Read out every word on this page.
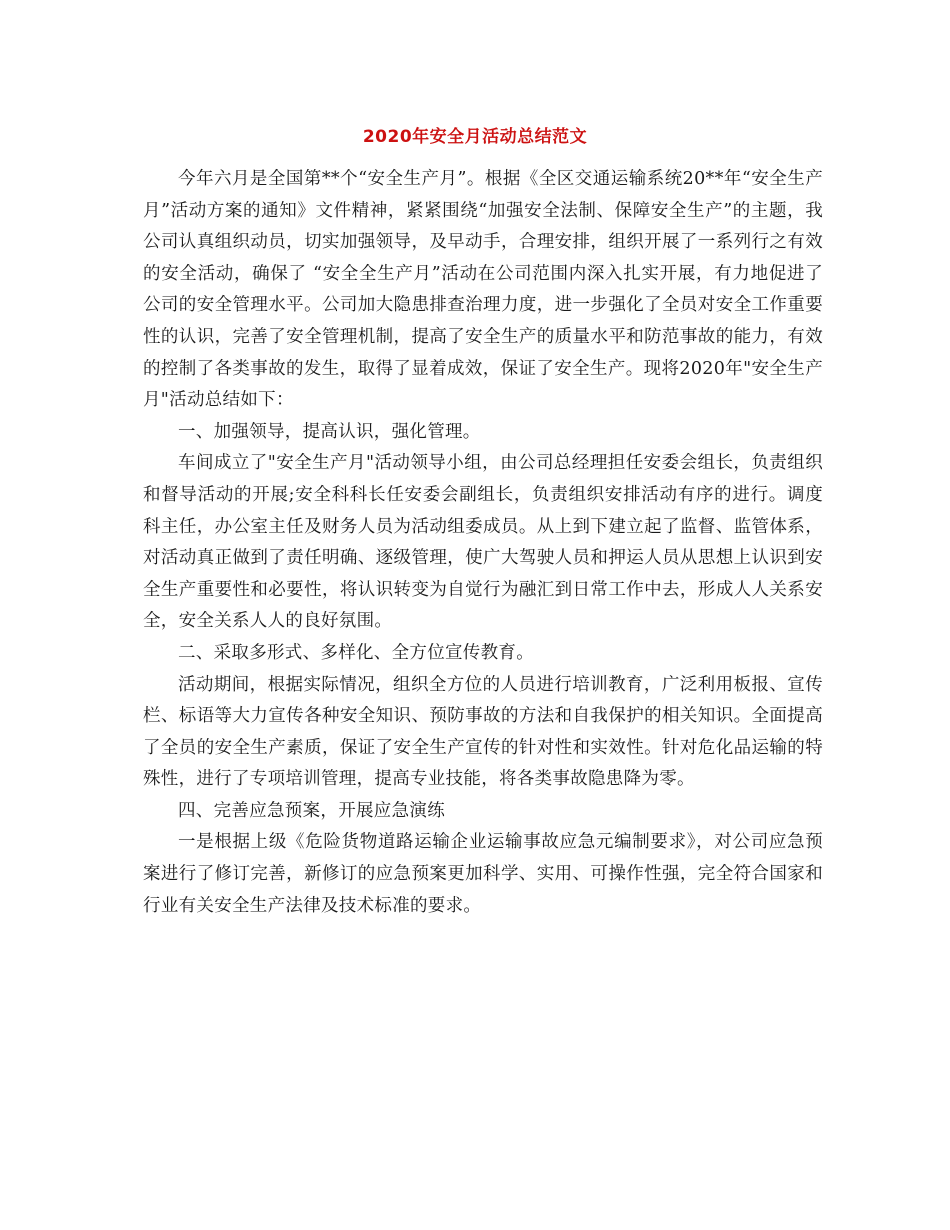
2020年安全月活动总结范文

今年六月是全国第**个“安全生产月”。根据《全区交通运输系统20**年“安全生产月”活动方案的通知》文件精神，紧紧围绕“加强安全法制、保障安全生产”的主题，我公司认真组织动员，切实加强领导，及早动手，合理安排，组织开展了一系列行之有效的安全活动，确保了 “安全全生产月”活动在公司范围内深入扎实开展，有力地促进了公司的安全管理水平。公司加大隐患排查治理力度，进一步强化了全员对安全工作重要性的认识，完善了安全管理机制，提高了安全生产的质量水平和防范事故的能力，有效的控制了各类事故的发生，取得了显着成效，保证了安全生产。现将2020年"安全生产月"活动总结如下：

一、加强领导，提高认识，强化管理。

车间成立了"安全生产月"活动领导小组，由公司总经理担任安委会组长，负责组织和督导活动的开展;安全科科长任安委会副组长，负责组织安排活动有序的进行。调度科主任，办公室主任及财务人员为活动组委成员。从上到下建立起了监督、监管体系，对活动真正做到了责任明确、逐级管理，使广大驾驶人员和押运人员从思想上认识到安全生产重要性和必要性，将认识转变为自觉行为融汇到日常工作中去，形成人人关系安全，安全关系人人的良好氛围。

二、采取多形式、多样化、全方位宣传教育。

活动期间，根据实际情况，组织全方位的人员进行培训教育，广泛利用板报、宣传栏、标语等大力宣传各种安全知识、预防事故的方法和自我保护的相关知识。全面提高了全员的安全生产素质，保证了安全生产宣传的针对性和实效性。针对危化品运输的特殊性，进行了专项培训管理，提高专业技能，将各类事故隐患降为零。

四、完善应急预案，开展应急演练

一是根据上级《危险货物道路运输企业运输事故应急元编制要求》，对公司应急预案进行了修订完善，新修订的应急预案更加科学、实用、可操作性强，完全符合国家和行业有关安全生产法律及技术标准的要求。
